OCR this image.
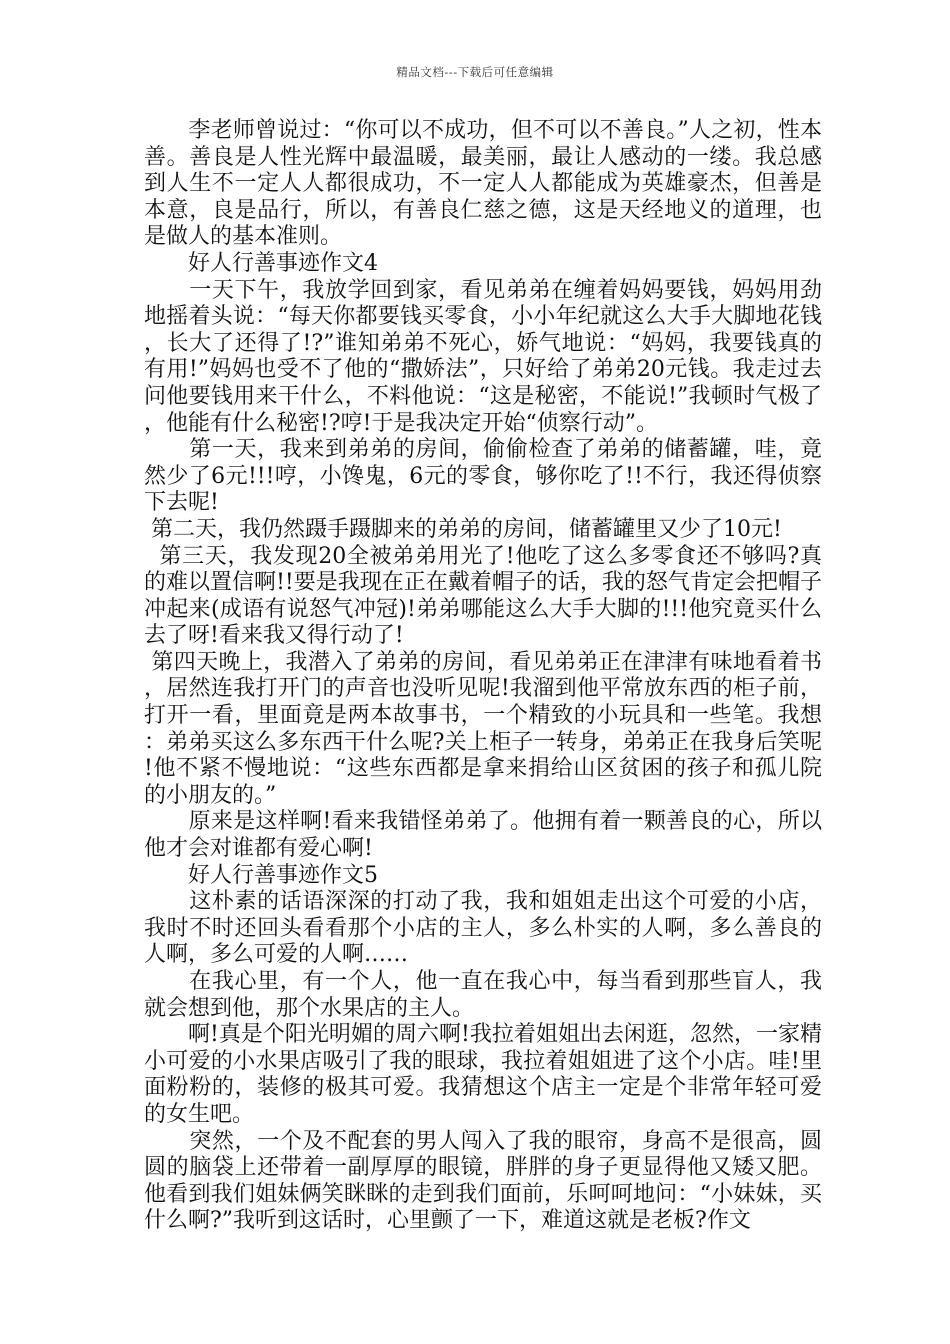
精品文档---下载后可任意编辑

　　李老师曾说过：“你可以不成功，但不可以不善良。”人之初，性本善。善良是人性光辉中最温暖，最美丽，最让人感动的一缕。我总感到人生不一定人人都很成功，不一定人人都能成为英雄豪杰，但善是本意，良是品行，所以，有善良仁慈之德，这是天经地义的道理，也是做人的基本准则。

　　好人行善事迹作文4

　　一天下午，我放学回到家，看见弟弟在缠着妈妈要钱，妈妈用劲地摇着头说：“每天你都要钱买零食，小小年纪就这么大手大脚地花钱，长大了还得了!?”谁知弟弟不死心，娇气地说：“妈妈，我要钱真的有用!”妈妈也受不了他的“撒娇法”，只好给了弟弟20元钱。我走过去问他要钱用来干什么，不料他说：“这是秘密，不能说!”我顿时气极了，他能有什么秘密!?哼!于是我决定开始“侦察行动”。

　　第一天，我来到弟弟的房间，偷偷检查了弟弟的储蓄罐，哇，竟然少了6元!!!哼，小馋鬼，6元的零食，够你吃了!!不行，我还得侦察下去呢!

第二天，我仍然蹑手蹑脚来的弟弟的房间，储蓄罐里又少了10元!

第三天，我发现20全被弟弟用光了!他吃了这么多零食还不够吗?真的难以置信啊!!要是我现在正在戴着帽子的话，我的怒气肯定会把帽子冲起来(成语有说怒气冲冠)!弟弟哪能这么大手大脚的!!!他究竟买什么去了呀!看来我又得行动了!

第四天晚上，我潜入了弟弟的房间，看见弟弟正在津津有味地看着书，居然连我打开门的声音也没听见呢!我溜到他平常放东西的柜子前，打开一看，里面竟是两本故事书，一个精致的小玩具和一些笔。我想：弟弟买这么多东西干什么呢?关上柜子一转身，弟弟正在我身后笑呢!他不紧不慢地说：“这些东西都是拿来捐给山区贫困的孩子和孤儿院的小朋友的。”

　　原来是这样啊!看来我错怪弟弟了。他拥有着一颗善良的心，所以他才会对谁都有爱心啊!

　　好人行善事迹作文5

　　这朴素的话语深深的打动了我，我和姐姐走出这个可爱的小店，我时不时还回头看看那个小店的主人，多么朴实的人啊，多么善良的人啊，多么可爱的人啊……

　　在我心里，有一个人，他一直在我心中，每当看到那些盲人，我就会想到他，那个水果店的主人。

　　啊!真是个阳光明媚的周六啊!我拉着姐姐出去闲逛，忽然，一家精小可爱的小水果店吸引了我的眼球，我拉着姐姐进了这个小店。哇!里面粉粉的，装修的极其可爱。我猜想这个店主一定是个非常年轻可爱的女生吧。

　　突然，一个及不配套的男人闯入了我的眼帘，身高不是很高，圆圆的脑袋上还带着一副厚厚的眼镜，胖胖的身子更显得他又矮又肥。他看到我们姐妹俩笑眯眯的走到我们面前，乐呵呵地问：“小妹妹，买什么啊?”我听到这话时，心里颤了一下，难道这就是老板?作文
